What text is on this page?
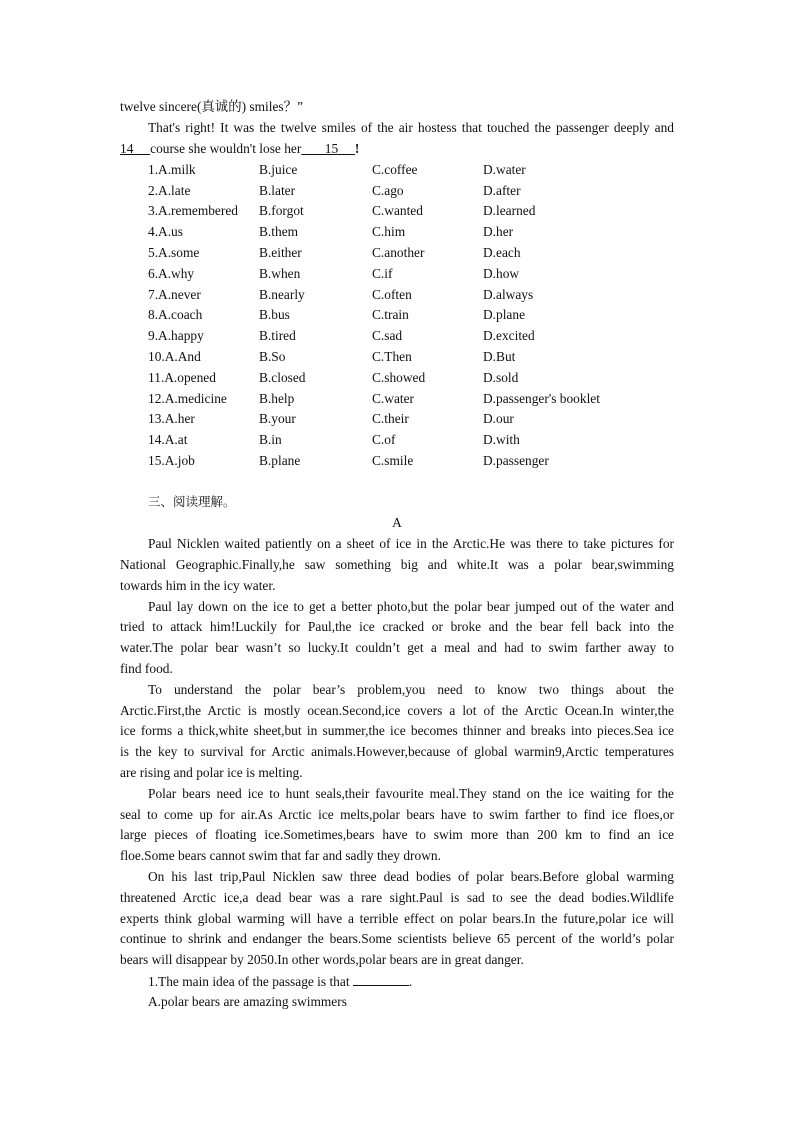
twelve sincere(真诚的) smiles？”
That's right! It was the twelve smiles of the air hostess that touched the passenger deeply and
14 course she wouldn't lose her 15 !
1.A.milk	B.juice	C.coffee	D.water
2.A.late	B.later	C.ago	D.after
3.A.remembered B.forgot	C.wanted	D.learned
4.A.us	B.them	C.him	D.her
5.A.some	B.either	C.another	D.each
6.A.why	B.when	C.if	D.how
7.A.never	B.nearly	C.often	D.always
8.A.coach	B.bus	C.train	D.plane
9.A.happy	B.tired	C.sad	D.excited
10.A.And	B.So	C.Then	D.But
11.A.opened	B.closed	C.showed	D.sold
12.A.medicine B.help	C.water	D.passenger's booklet
13.A.her	B.your	C.their	D.our
14.A.at	B.in	C.of	D.with
15.A.job	B.plane	C.smile	D.passenger
三、阅读理解。
A
Paul Nicklen waited patiently on a sheet of ice in the Arctic.He was there to take pictures for
National Geographic.Finally,he saw something big and white.It was a polar bear,swimming
towards him in the icy water.
Paul lay down on the ice to get a better photo,but the polar bear jumped out of the water and
tried to attack him!Luckily for Paul,the ice cracked or broke and the bear fell back into the
water.The polar bear wasn’t so lucky.It couldn’t get a meal and had to swim farther away to
find food.
To understand the polar bear’s problem,you need to know two things about the
Arctic.First,the Arctic is mostly ocean.Second,ice covers a lot of the Arctic Ocean.In winter,the
ice forms a thick,white sheet,but in summer,the ice becomes thinner and breaks into pieces.Sea ice
is the key to survival for Arctic animals.However,because of global warmin9,Arctic temperatures
are rising and polar ice is melting.
Polar bears need ice to hunt seals,their favourite meal.They stand on the ice waiting for the
seal to come up for air.As Arctic ice melts,polar bears have to swim farther to find ice floes,or
large pieces of floating ice.Sometimes,bears have to swim more than 200 km to find an ice
floe.Some bears cannot swim that far and sadly they drown.
On his last trip,Paul Nicklen saw three dead bodies of polar bears.Before global warming
threatened Arctic ice,a dead bear was a rare sight.Paul is sad to see the dead bodies.Wildlife
experts think global warming will have a terrible effect on polar bears.In the future,polar ice will
continue to shrink and endanger the bears.Some scientists believe 65 percent of the world’s polar
bears will disappear by 2050.In other words,polar bears are in great danger.
1.The main idea of the passage is that	.
A.polar bears are amazing swimmers
